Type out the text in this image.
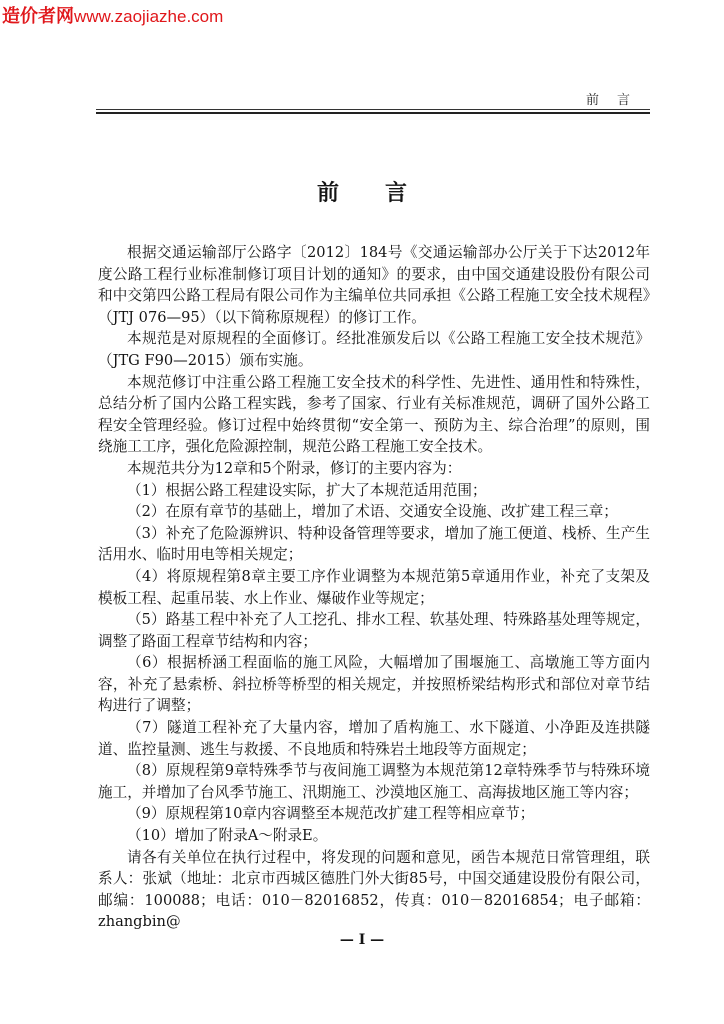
造价者网www.zaojiazhe.com
前言
前言

根据交通运输部厅公路字〔2012〕184号《交通运输部办公厅关于下达2012年度公路工程行业标准制修订项目计划的通知》的要求，由中国交通建设股份有限公司和中交第四公路工程局有限公司作为主编单位共同承担《公路工程施工安全技术规程》（JTJ 076—95）（以下简称原规程）的修订工作。

本规范是对原规程的全面修订。经批准颁发后以《公路工程施工安全技术规范》（JTG F90—2015）颁布实施。

本规范修订中注重公路工程施工安全技术的科学性、先进性、通用性和特殊性，总结分析了国内公路工程实践，参考了国家、行业有关标准规范，调研了国外公路工程安全管理经验。修订过程中始终贯彻“安全第一、预防为主、综合治理”的原则，围绕施工工序，强化危险源控制，规范公路工程施工安全技术。

本规范共分为12章和5个附录，修订的主要内容为：

（1）根据公路工程建设实际，扩大了本规范适用范围；

（2）在原有章节的基础上，增加了术语、交通安全设施、改扩建工程三章；

（3）补充了危险源辨识、特种设备管理等要求，增加了施工便道、栈桥、生产生活用水、临时用电等相关规定；

（4）将原规程第8章主要工序作业调整为本规范第5章通用作业，补充了支架及模板工程、起重吊装、水上作业、爆破作业等规定；

（5）路基工程中补充了人工挖孔、排水工程、软基处理、特殊路基处理等规定，调整了路面工程章节结构和内容；

（6）根据桥涵工程面临的施工风险，大幅增加了围堰施工、高墩施工等方面内容，补充了悬索桥、斜拉桥等桥型的相关规定，并按照桥梁结构形式和部位对章节结构进行了调整；

（7）隧道工程补充了大量内容，增加了盾构施工、水下隧道、小净距及连拱隧道、监控量测、逃生与救援、不良地质和特殊岩土地段等方面规定；

（8）原规程第9章特殊季节与夜间施工调整为本规范第12章特殊季节与特殊环境施工，并增加了台风季节施工、汛期施工、沙漠地区施工、高海拔地区施工等内容；

（9）原规程第10章内容调整至本规范改扩建工程等相应章节；

（10）增加了附录A～附录E。

请各有关单位在执行过程中，将发现的问题和意见，函告本规范日常管理组，联系人：张斌（地址：北京市西城区德胜门外大街85号，中国交通建设股份有限公司，邮编：100088；电话：010－82016852，传真：010－82016854；电子邮箱：zhangbin@

— I —
